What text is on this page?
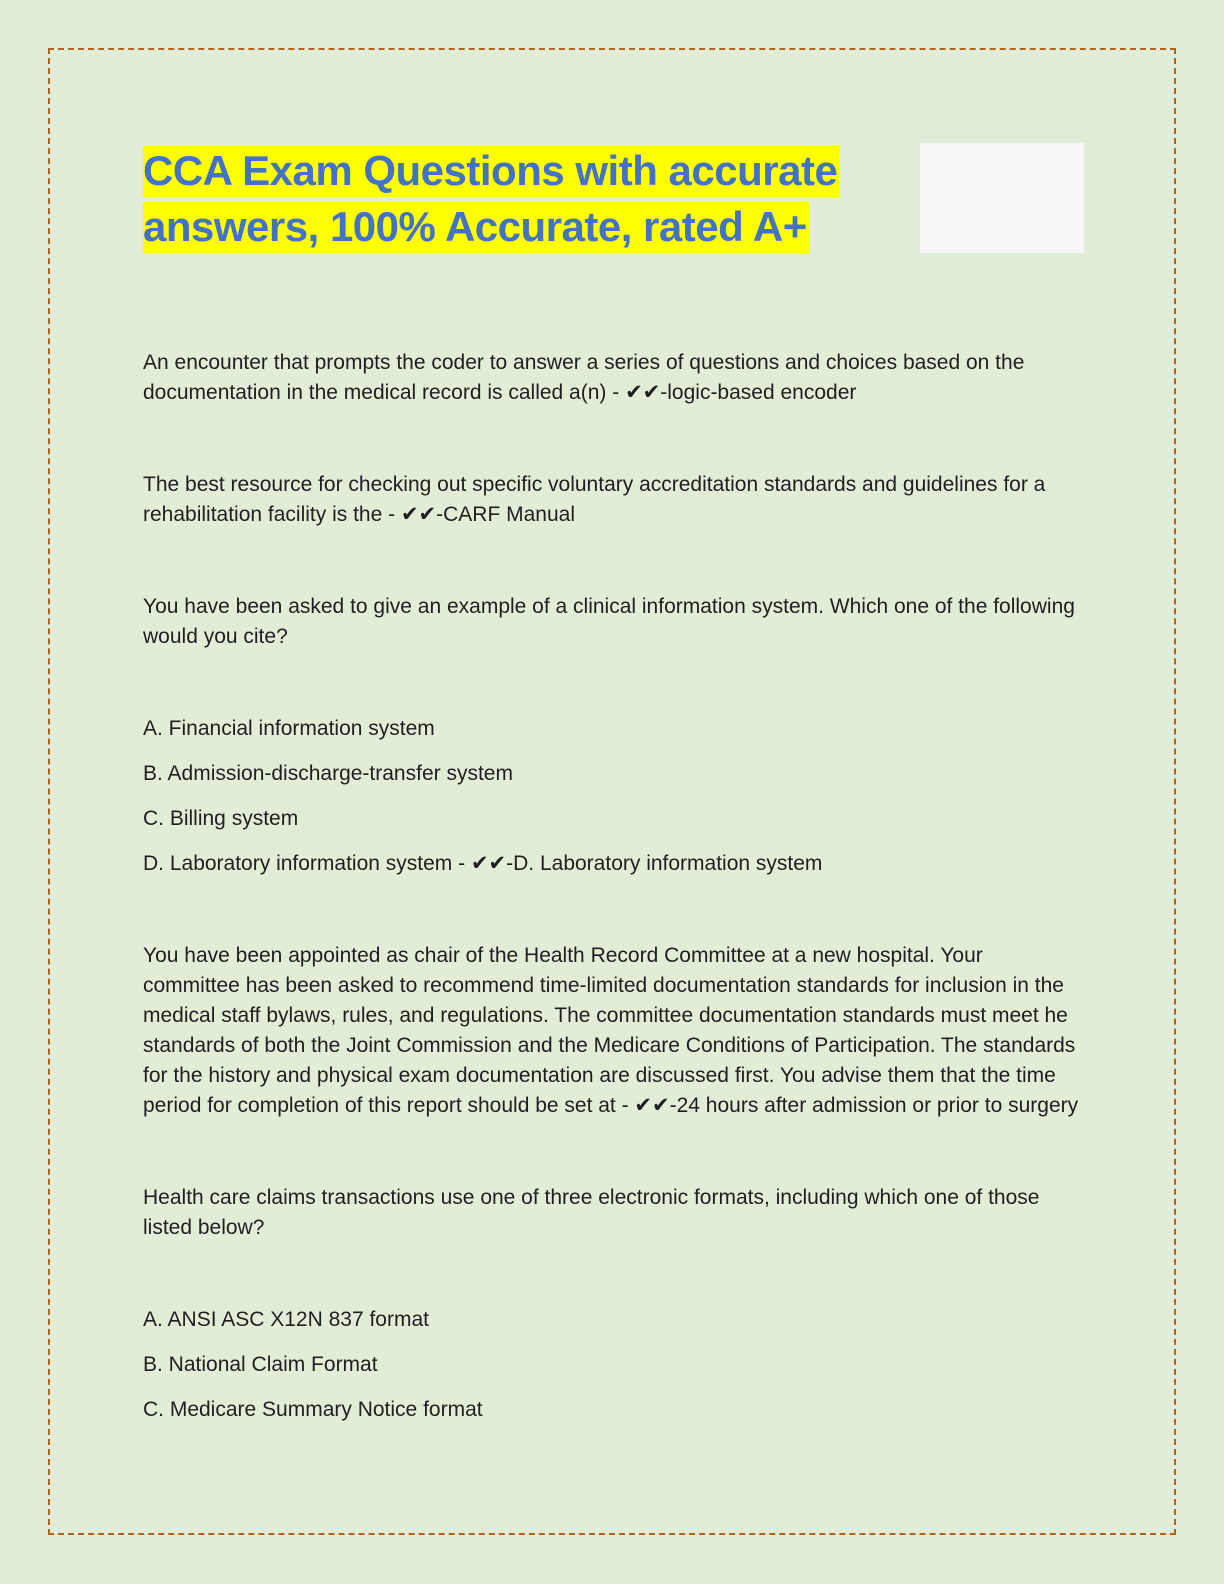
CCA Exam Questions with accurate
answers, 100% Accurate, rated A+

An encounter that prompts the coder to answer a series of questions and choices based on the documentation in the medical record is called a(n) - ✔✔-logic-based encoder

The best resource for checking out specific voluntary accreditation standards and guidelines for a rehabilitation facility is the - ✔✔-CARF Manual

You have been asked to give an example of a clinical information system. Which one of the following would you cite?

A. Financial information system

B. Admission-discharge-transfer system

C. Billing system

D. Laboratory information system - ✔✔-D. Laboratory information system

You have been appointed as chair of the Health Record Committee at a new hospital. Your committee has been asked to recommend time-limited documentation standards for inclusion in the medical staff bylaws, rules, and regulations. The committee documentation standards must meet he standards of both the Joint Commission and the Medicare Conditions of Participation. The standards for the history and physical exam documentation are discussed first. You advise them that the time period for completion of this report should be set at - ✔✔-24 hours after admission or prior to surgery

Health care claims transactions use one of three electronic formats, including which one of those listed below?

A. ANSI ASC X12N 837 format

B. National Claim Format

C. Medicare Summary Notice format
